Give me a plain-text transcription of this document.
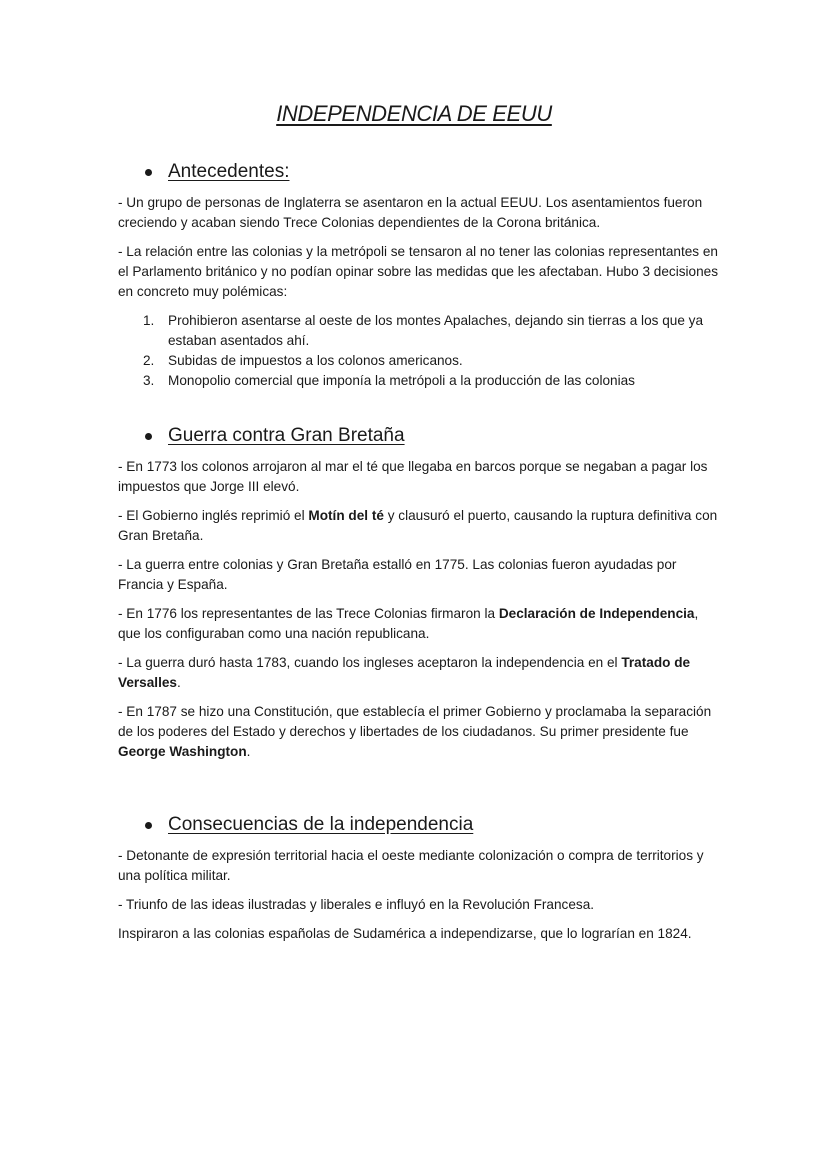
INDEPENDENCIA DE EEUU
Antecedentes:

- Un grupo de personas de Inglaterra se asentaron en la actual EEUU. Los asentamientos fueron creciendo y acaban siendo Trece Colonias dependientes de la Corona británica.

- La relación entre las colonias y la metrópoli se tensaron al no tener las colonias representantes en el Parlamento británico y no podían opinar sobre las medidas que les afectaban. Hubo 3 decisiones en concreto muy polémicas:

1. Prohibieron asentarse al oeste de los montes Apalaches, dejando sin tierras a los que ya estaban asentados ahí.
2. Subidas de impuestos a los colonos americanos.
3. Monopolio comercial que imponía la metrópoli a la producción de las colonias
Guerra contra Gran Bretaña

- En 1773 los colonos arrojaron al mar el té que llegaba en barcos porque se negaban a pagar los impuestos que Jorge III elevó.

- El Gobierno inglés reprimió el Motín del té y clausuró el puerto, causando la ruptura definitiva con Gran Bretaña.

- La guerra entre colonias y Gran Bretaña estalló en 1775. Las colonias fueron ayudadas por Francia y España.

- En 1776 los representantes de las Trece Colonias firmaron la Declaración de Independencia, que los configuraban como una nación republicana.

- La guerra duró hasta 1783, cuando los ingleses aceptaron la independencia en el Tratado de Versalles.

- En 1787 se hizo una Constitución, que establecía el primer Gobierno y proclamaba la separación de los poderes del Estado y derechos y libertades de los ciudadanos. Su primer presidente fue George Washington.

Consecuencias de la independencia

- Detonante de expresión territorial hacia el oeste mediante colonización o compra de territorios y una política militar.

- Triunfo de las ideas ilustradas y liberales e influyó en la Revolución Francesa.

Inspiraron a las colonias españolas de Sudamérica a independizarse, que lo lograrían en 1824.
